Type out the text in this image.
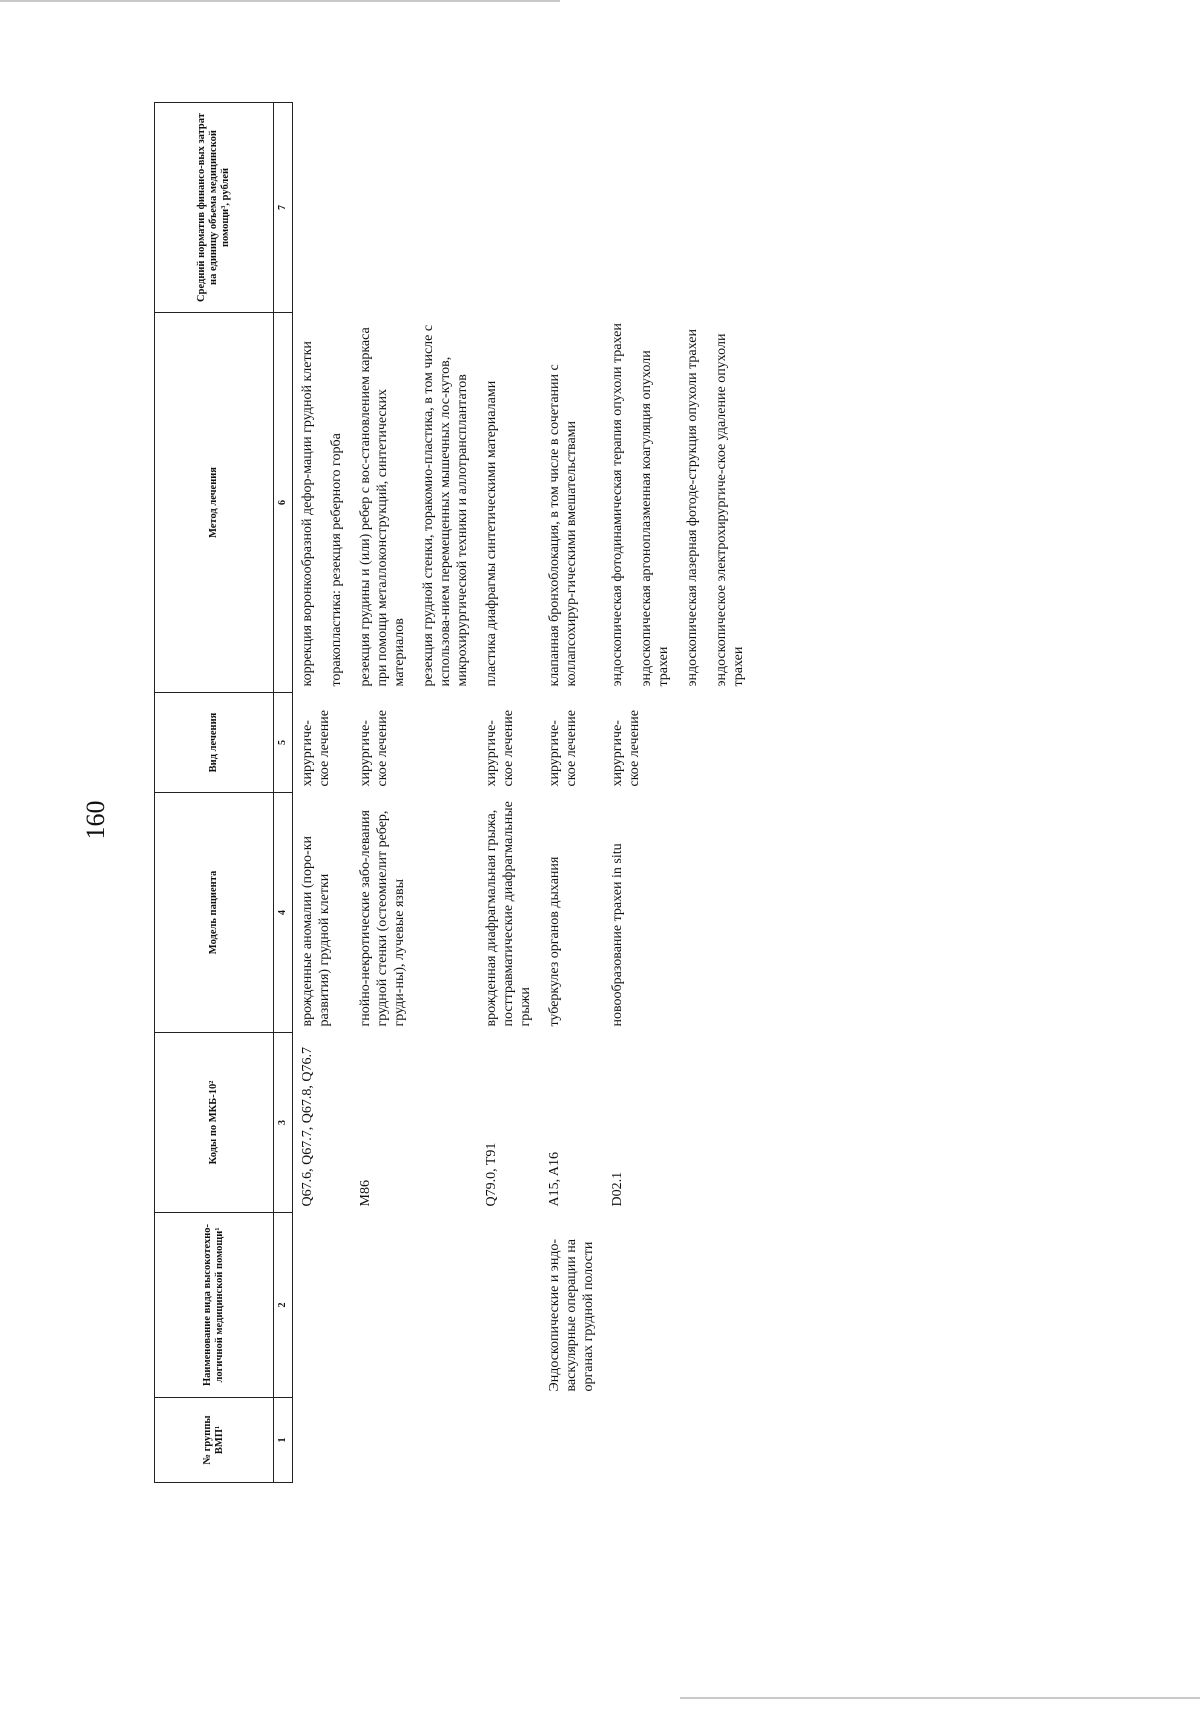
160
№ группы ВМП¹	Наименование вида высокотехно-логичной медицинской помощи¹	Коды по МКБ-10²	Модель пациента	Вид лечения	Метод лечения	Средний норматив финансо-вых затрат на единицу объема медицинской помощи³, рублей
1	2	3	4	5	6	7

		Q67.6, Q67.7, Q67.8, Q76.7	врожденные аномалии (поро-ки развития) грудной клетки	хирургиче-ское лечение	коррекция воронкообразной дефор-мации грудной клетки торакопластика: резекция реберного горба	

		M86	гнойно-некротические забо-левания грудной стенки (остеомиелит ребер, груди-ны), лучевые язвы	хирургиче-ское лечение	резекция грудины и (или) ребер с вос-становлением каркаса при помощи металлоконструкций, синтетических материалов резекция грудной стенки, торакомио-пластика, в том числе с использова-нием перемещенных мышечных лос-кутов, микрохирургической техники и аллотрансплантатов	

		Q79.0, T91	врожденная диафрагмальная грыжа, посттравматические диафрагмальные грыжи	хирургиче-ское лечение	пластика диафрагмы синтетическими материалами	

	Эндоскопические и эндо-васкулярные операции на органах грудной полости	A15, A16	туберкулез органов дыхания	хирургиче-ское лечение	клапанная бронхоблокация, в том числе в сочетании с коллапсохирур-гическими вмешательствами	

		D02.1	новообразование трахеи in situ	хирургиче-ское лечение	эндоскопическая фотодинамическая терапия опухоли трахеи эндоскопическая аргоноплазменная коагуляция опухоли трахеи эндоскопическая лазерная фотоде-струкция опухоли трахеи эндоскопическое электрохирургиче-ское удаление опухоли трахеи	
